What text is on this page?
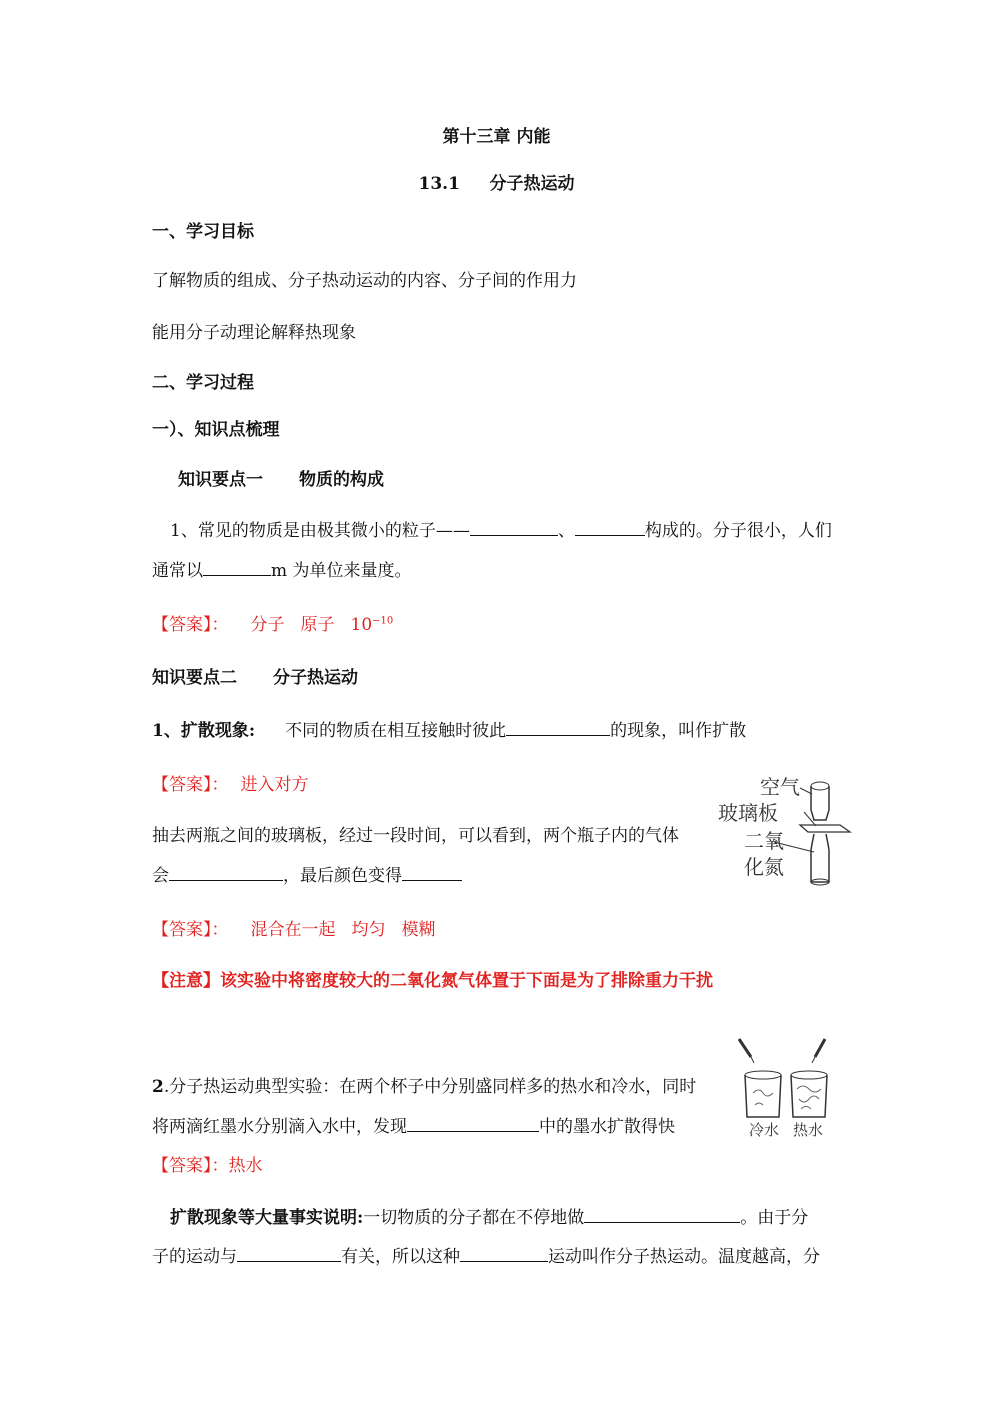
第十三章 内能
13.1 分子热运动
一、学习目标
了解物质的组成、分子热动运动的内容、分子间的作用力
能用分子动理论解释热现象
二、学习过程
一）、知识点梳理
知识要点一 物质的构成
1、常见的物质是由极其微小的粒子——	、	构成的。分子很小，人们
通常以	m 为单位来量度。
【答案】： 分子 原子 $10^{-10}$
知识要点二 分子热运动
1、扩散现象: 不同的物质在相互接触时彼此	的现象，叫作扩散
【答案】： 进入对方
抽去两瓶之间的玻璃板，经过一段时间，可以看到，两个瓶子内的气体
会	，最后颜色变得
空气
玻璃板
二氧
化氮
【答案】： 混合在一起 均匀 模糊
【注意】该实验中将密度较大的二氧化氮气体置于下面是为了排除重力干扰
2.分子热运动典型实验：在两个杯子中分别盛同样多的热水和冷水，同时
将两滴红墨水分别滴入水中，发现	中的墨水扩散得快	冷水 热水
【答案】：热水
扩散现象等大量事实说明:一切物质的分子都在不停地做	。由于分
子的运动与	有关，所以这种	运动叫作分子热运动。温度越高，分
